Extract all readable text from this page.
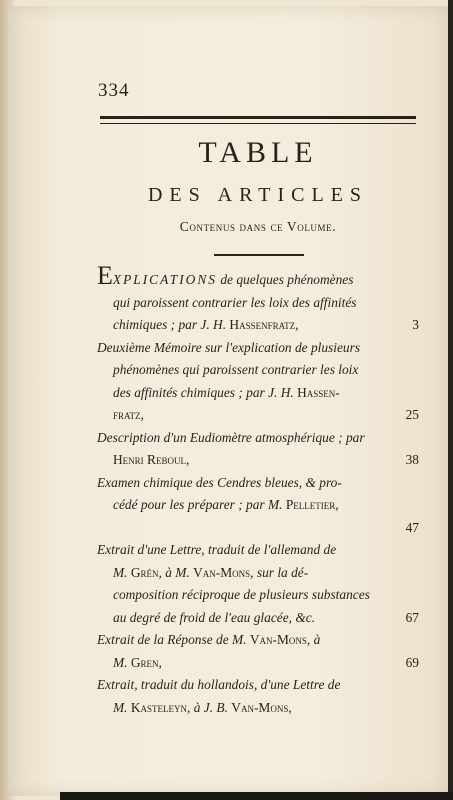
334
TABLE
DES ARTICLES
Contenus dans ce Volume.
EXPLICATIONS de quelques phénomènes
qui paroissent contrarier les loix des affinités
chimiques ; par J. H. Hassenfratz,	3
Deuxième Mémoire sur l'explication de plusieurs
phénomènes qui paroissent contrarier les loix
des affinités chimiques ; par J. H. Hassen-
fratz,	25
Description d'un Eudiomètre atmosphérique ; par
Henri Reboul,	38
Examen chimique des Cendres bleues, & pro-
cédé pour les préparer ; par M. Pelletier,
47
Extrait d'une Lettre, traduit de l'allemand de
M. Grén, à M. Van-Mons, sur la dé-
composition réciproque de plusieurs substances
au degré de froid de l'eau glacée, &c.	67
Extrait de la Réponse de M. Van-Mons, à
M. Gren,	69
Extrait, traduit du hollandois, d'une Lettre de
M. Kasteleyn, à J. B. Van-Mons,
